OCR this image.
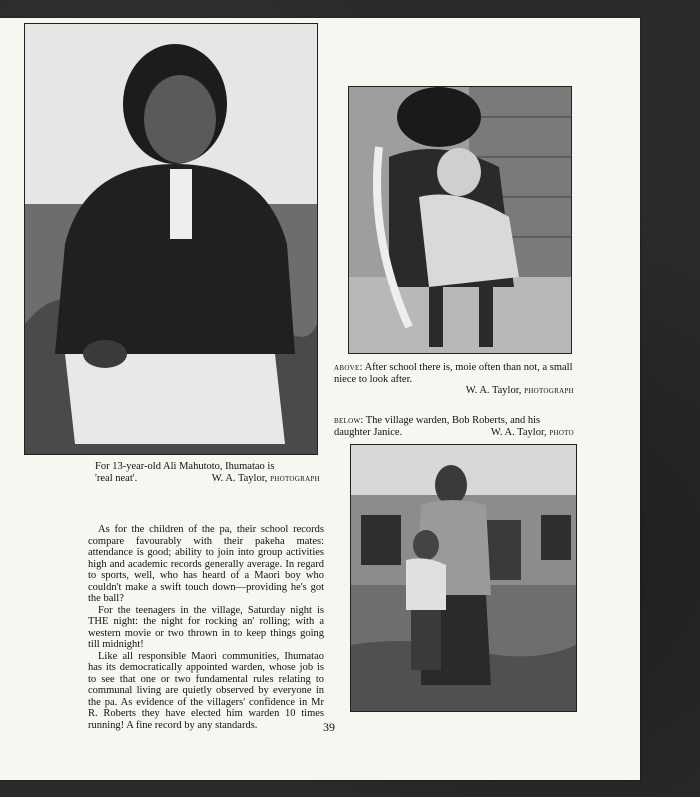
For 13-year-old Ali Mahutoto, Ihumatao is
'real neat'.	W. A. Taylor, photograph
above: After school there is, moie often than not, a small niece to look after.
W. A. Taylor, photograph
below: The village warden, Bob Roberts, and his daughter Janice.	W. A. Taylor, photo

As for the children of the pa, their school records compare favourably with their pakeha mates: attendance is good; ability to join into group activities high and academic records generally average. In regard to sports, well, who has heard of a Maori boy who couldn't make a swift touch down—providing he's got the ball?

For the teenagers in the village, Saturday night is THE night: the night for rocking an' rolling; with a western movie or two thrown in to keep things going till midnight!

Like all responsible Maori communities, Ihumatao has its democratically appointed warden, whose job is to see that one or two fundamental rules relating to communal living are quietly observed by everyone in the pa. As evidence of the villagers' confidence in Mr R. Roberts they have elected him warden 10 times running! A fine record by any standards.	39
